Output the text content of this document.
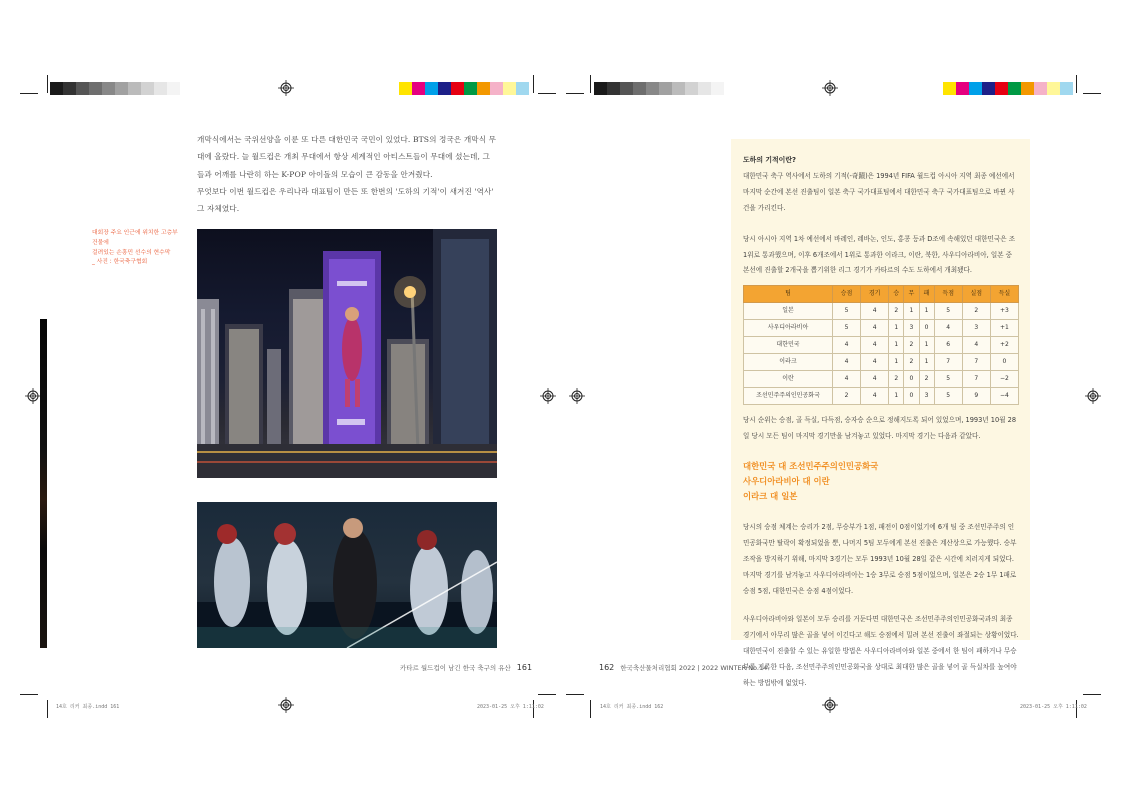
개막식에서는 국위선양을 이룬 또 다른 대한민국 국민이 있었다. BTS의 정국은 개막식 무대에 올랐다. 늘 월드컵은 개최 무대에서 항상 세계적인 아티스트들이 무대에 섰는데, 그들과 어깨를 나란히 하는 K-POP 아이돌의 모습이 큰 감동을 안겨줬다.

무엇보다 이번 월드컵은 우리나라 대표팀이 만든 또 한번의 '도하의 기적'이 새겨진 '역사' 그 자체였다.

대회장 주요 인근에 위치한 고층부 건물에
걸려있는 손흥민 선수의 현수막
_ 사진 : 한국축구협회
카타르 월드컵이 남긴 한국 축구의 유산 161
14호 리커 최종.indd 161	2023-01-25 오후 1:11:02

도하의 기적이란?

대한민국 축구 역사에서 도하의 기적(-奇蹟)은 1994년 FIFA 월드컵 아시아 지역 최종 예선에서 마지막 순간에 본선 진출팀이 일본 축구 국가대표팀에서 대한민국 축구 국가대표팀으로 바뀐 사건을 가리킨다.

당시 아시아 지역 1차 예선에서 바레인, 레바논, 인도, 홍콩 등과 D조에 속해있던 대한민국은 조1위로 통과했으며, 이후 6개조에서 1위로 통과한 이라크, 이란, 북한, 사우디아라비아, 일본 중 본선에 진출할 2개국을 뽑기위한 리그 경기가 카타르의 수도 도하에서 개최됐다.

팀	승점	경기	승	무	패	득점	실점	득실
일본	5	4	2	1	1	5	2	+3
사우디아라비아	5	4	1	3	0	4	3	+1
대한민국	4	4	1	2	1	6	4	+2
이라크	4	4	1	2	1	7	7	0
이란	4	4	2	0	2	5	7	−2
조선민주주의인민공화국	2	4	1	0	3	5	9	−4

당시 순위는 승점, 골 득실, 다득점, 승자승 순으로 정해지도록 되어 있었으며, 1993년 10월 28일 당시 모든 팀이 마지막 경기만을 남겨놓고 있었다. 마지막 경기는 다음과 같았다.

대한민국 대 조선민주주의인민공화국
사우디아라비아 대 이란
이라크 대 일본

당시의 승점 체계는 승리가 2점, 무승부가 1점, 패전이 0점이었기에 6개 팀 중 조선민주주의 인민공화국만 탈락이 확정되었을 뿐, 나머지 5팀 모두에게 본선 진출은 계산상으로 가능했다. 승부조작을 방지하기 위해, 마지막 3경기는 모두 1993년 10월 28일 같은 시간에 치러지게 되었다. 마지막 경기를 남겨놓고 사우디아라비아는 1승 3무로 승점 5점이었으며, 일본은 2승 1무 1패로 승점 5점, 대한민국은 승점 4점이었다.

사우디아라비아와 일본이 모두 승리를 거둔다면 대한민국은 조선민주주의인민공화국과의 최종 경기에서 아무리 많은 골을 넣어 이긴다고 해도 승점에서 밀려 본선 진출이 좌절되는 상황이었다. 대한민국이 진출할 수 있는 유일한 방법은 사우디아라비아와 일본 중에서 한 팀이 패하거나 무승부를 기록한 다음, 조선민주주의인민공화국을 상대로 최대한 많은 골을 넣어 골 득실차를 높여야 하는 방법밖에 없었다.

162 한국축산물처리협회 2022 | 2022 WINTER No.14
14호 리커 최종.indd 162	2023-01-25 오후 1:11:02
